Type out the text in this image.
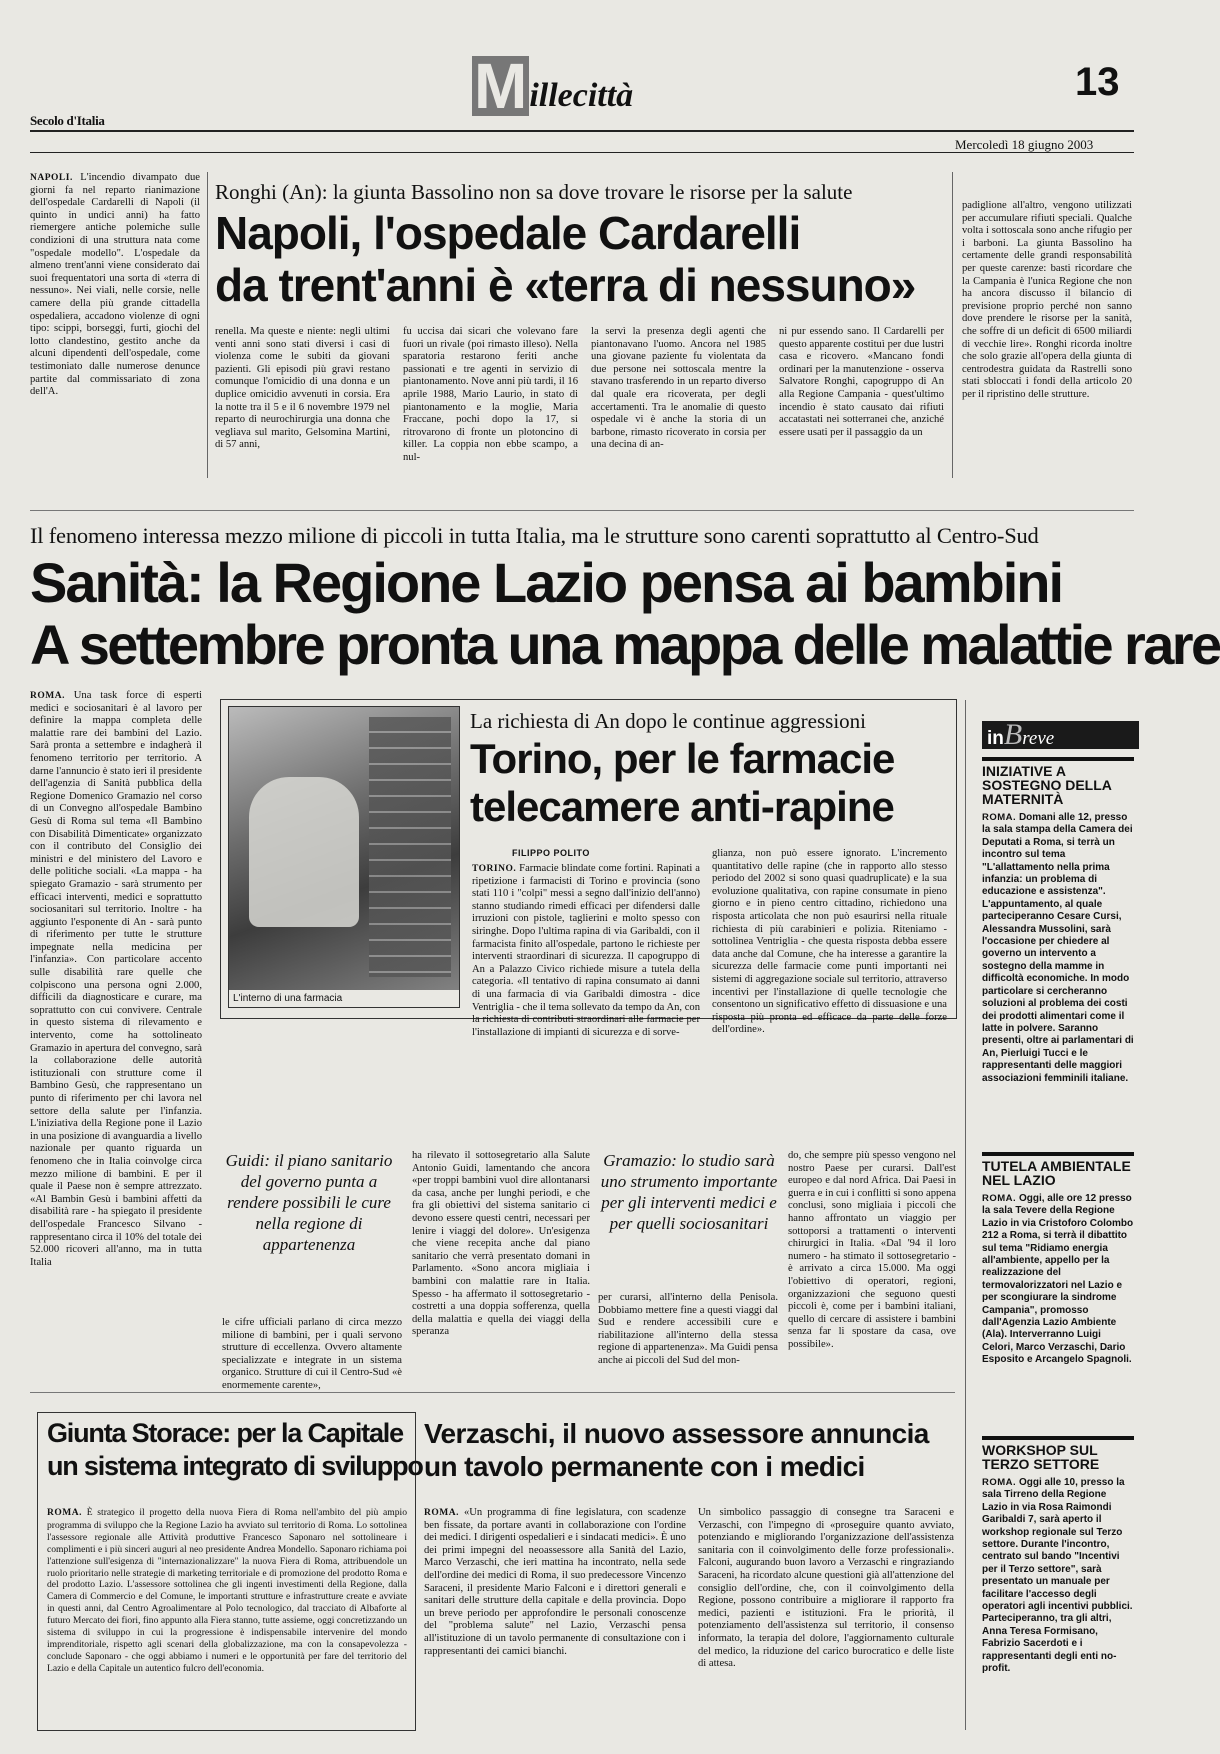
Secolo d'Italia	Millecittà	13
Mercoledì 18 giugno 2003
NAPOLI. L'incendio divampato due giorni fa nel reparto rianimazione dell'ospedale Cardarelli di Napoli (il quinto in undici anni) ha fatto riemergere antiche polemiche sulle condizioni di una struttura nata come "ospedale modello". L'ospedale da almeno trent'anni viene considerato dai suoi frequentatori una sorta di «terra di nessuno». Nei viali, nelle corsie, nelle camere della più grande cittadella ospedaliera, accadono violenze di ogni tipo: scippi, borseggi, furti, giochi del lotto clandestino, gestito anche da alcuni dipendenti dell'ospedale, come testimoniato dalle numerose denunce partite dal commissariato di zona dell'A.
Ronghi (An): la giunta Bassolino non sa dove trovare le risorse per la salute
Napoli, l'ospedale Cardarelli
da trent'anni è «terra di nessuno»
renella. Ma queste e niente: negli ultimi venti anni sono stati diversi i casi di violenza come le subiti da giovani pazienti. Gli episodi più gravi restano comunque l'omicidio di una donna e un duplice omicidio avvenuti in corsia. Era la notte tra il 5 e il 6 novembre 1979 nel reparto di neurochirurgia una donna che vegliava sul marito, Gelsomina Martini, di 57 anni,
fu uccisa dai sicari che volevano fare fuori un rivale (poi rimasto illeso). Nella sparatoria restarono feriti anche passionati e tre agenti in servizio di piantonamento. Nove anni più tardi, il 16 aprile 1988, Mario Laurio, in stato di piantonamento e la moglie, Maria Fraccane, pochi dopo la 17, si ritrovarono di fronte un plotoncino di killer. La coppia non ebbe scampo, a nul-
la servì la presenza degli agenti che piantonavano l'uomo. Ancora nel 1985 una giovane paziente fu violentata da due persone nei sottoscala mentre la stavano trasferendo in un reparto diverso dal quale era ricoverata, per degli accertamenti. Tra le anomalie di questo ospedale vi è anche la storia di un barbone, rimasto ricoverato in corsia per una decina di an-
ni pur essendo sano. Il Cardarelli per questo apparente costituì per due lustri casa e ricovero. «Mancano fondi ordinari per la manutenzione - osserva Salvatore Ronghi, capogruppo di An alla Regione Campania - quest'ultimo incendio è stato causato dai rifiuti accatastati nei sotterranei che, anziché essere usati per il passaggio da un
padiglione all'altro, vengono utilizzati per accumulare rifiuti speciali. Qualche volta i sottoscala sono anche rifugio per i barboni. La giunta Bassolino ha certamente delle grandi responsabilità per queste carenze: basti ricordare che la Campania è l'unica Regione che non ha ancora discusso il bilancio di previsione proprio perché non sanno dove prendere le risorse per la sanità, che soffre di un deficit di 6500 miliardi di vecchie lire». Ronghi ricorda inoltre che solo grazie all'opera della giunta di centrodestra guidata da Rastrelli sono stati sbloccati i fondi della articolo 20 per il ripristino delle strutture.
Il fenomeno interessa mezzo milione di piccoli in tutta Italia, ma le strutture sono carenti soprattutto al Centro-Sud
Sanità: la Regione Lazio pensa ai bambini
A settembre pronta una mappa delle malattie rare
ROMA. Una task force di esperti medici e sociosanitari è al lavoro per definire la mappa completa delle malattie rare dei bambini del Lazio. Sarà pronta a settembre e indagherà il fenomeno territorio per territorio. A darne l'annuncio è stato ieri il presidente dell'agenzia di Sanità pubblica della Regione Domenico Gramazio nel corso di un Convegno all'ospedale Bambino Gesù di Roma sul tema «Il Bambino con Disabilità Dimenticate» organizzato con il contributo del Consiglio dei ministri e del ministero del Lavoro e delle politiche sociali. «La mappa - ha spiegato Gramazio - sarà strumento per efficaci interventi, medici e soprattutto sociosanitari sul territorio. Inoltre - ha aggiunto l'esponente di An - sarà punto di riferimento per tutte le strutture impegnate nella medicina per l'infanzia». Con particolare accento sulle disabilità rare quelle che colpiscono una persona ogni 2.000, difficili da diagnosticare e curare, ma soprattutto con cui convivere. Centrale in questo sistema di rilevamento e intervento, come ha sottolineato Gramazio in apertura del convegno, sarà la collaborazione delle autorità istituzionali con strutture come il Bambino Gesù, che rappresentano un punto di riferimento per chi lavora nel settore della salute per l'infanzia. L'iniziativa della Regione pone il Lazio in una posizione di avanguardia a livello nazionale per quanto riguarda un fenomeno che in Italia coinvolge circa mezzo milione di bambini. E per il quale il Paese non è sempre attrezzato. «Al Bambin Gesù i bambini affetti da disabilità rare - ha spiegato il presidente dell'ospedale Francesco Silvano - rappresentano circa il 10% del totale dei 52.000 ricoveri all'anno, ma in tutta Italia
L'interno di una farmacia
La richiesta di An dopo le continue aggressioni
Torino, per le farmacie
telecamere anti-rapine
FILIPPO POLITO
TORINO. Farmacie blindate come fortini. Rapinati a ripetizione i farmacisti di Torino e provincia (sono stati 110 i "colpi" messi a segno dall'inizio dell'anno) stanno studiando rimedi efficaci per difendersi dalle irruzioni con pistole, taglierini e molto spesso con siringhe. Dopo l'ultima rapina di via Garibaldi, con il farmacista finito all'ospedale, partono le richieste per interventi straordinari di sicurezza. Il capogruppo di An a Palazzo Civico richiede misure a tutela della categoria. «Il tentativo di rapina consumato ai danni di una farmacia di via Garibaldi dimostra - dice Ventriglia - che il tema sollevato da tempo da An, con la richiesta di contributi straordinari alle farmacie per l'installazione di impianti di sicurezza e di sorve-
glianza, non può essere ignorato. L'incremento quantitativo delle rapine (che in rapporto allo stesso periodo del 2002 si sono quasi quadruplicate) e la sua evoluzione qualitativa, con rapine consumate in pieno giorno e in pieno centro cittadino, richiedono una risposta articolata che non può esaurirsi nella rituale richiesta di più carabinieri e polizia. Riteniamo - sottolinea Ventriglia - che questa risposta debba essere data anche dal Comune, che ha interesse a garantire la sicurezza delle farmacie come punti importanti nei sistemi di aggregazione sociale sul territorio, attraverso incentivi per l'installazione di quelle tecnologie che consentono un significativo effetto di dissuasione e una risposta più pronta ed efficace da parte delle forze dell'ordine».
Guidi: il piano sanitario del governo punta a rendere possibili le cure nella regione di appartenenza
le cifre ufficiali parlano di circa mezzo milione di bambini, per i quali servono strutture di eccellenza. Ovvero altamente specializzate e integrate in un sistema organico. Strutture di cui il Centro-Sud «è enormemente carente»,
ha rilevato il sottosegretario alla Salute Antonio Guidi, lamentando che ancora «per troppi bambini vuol dire allontanarsi da casa, anche per lunghi periodi, e che fra gli obiettivi del sistema sanitario ci devono essere questi centri, necessari per lenire i viaggi del dolore». Un'esigenza che viene recepita anche dal piano sanitario che verrà presentato domani in Parlamento. «Sono ancora migliaia i bambini con malattie rare in Italia. Spesso - ha affermato il sottosegretario - costretti a una doppia sofferenza, quella della malattia e quella dei viaggi della speranza
Gramazio: lo studio sarà uno strumento importante per gli interventi medici e per quelli sociosanitari
per curarsi, all'interno della Penisola. Dobbiamo mettere fine a questi viaggi dal Sud e rendere accessibili cure e riabilitazione all'interno della stessa regione di appartenenza». Ma Guidi pensa anche ai piccoli del Sud del mon-
do, che sempre più spesso vengono nel nostro Paese per curarsi. Dall'est europeo e dal nord Africa. Dai Paesi in guerra e in cui i conflitti si sono appena conclusi, sono migliaia i piccoli che hanno affrontato un viaggio per sottoporsi a trattamenti o interventi chirurgici in Italia. «Dal '94 il loro numero - ha stimato il sottosegretario - è arrivato a circa 15.000. Ma oggi l'obiettivo di operatori, regioni, organizzazioni che seguono questi piccoli è, come per i bambini italiani, quello di cercare di assistere i bambini senza far li spostare da casa, ove possibile».
inBreve
INIZIATIVE A SOSTEGNO DELLA MATERNITÀ
ROMA. Domani alle 12, presso la sala stampa della Camera dei Deputati a Roma, si terrà un incontro sul tema "L'allattamento nella prima infanzia: un problema di educazione e assistenza". L'appuntamento, al quale parteciperanno Cesare Cursi, Alessandra Mussolini, sarà l'occasione per chiedere al governo un intervento a sostegno della mamme in difficoltà economiche. In modo particolare si cercheranno soluzioni al problema dei costi dei prodotti alimentari come il latte in polvere. Saranno presenti, oltre ai parlamentari di An, Pierluigi Tucci e le rappresentanti delle maggiori associazioni femminili italiane.
TUTELA AMBIENTALE NEL LAZIO
ROMA. Oggi, alle ore 12 presso la sala Tevere della Regione Lazio in via Cristoforo Colombo 212 a Roma, si terrà il dibattito sul tema "Ridiamo energia all'ambiente, appello per la realizzazione del termovalorizzatori nel Lazio e per scongiurare la sindrome Campania", promosso dall'Agenzia Lazio Ambiente (Ala). Interverranno Luigi Celori, Marco Verzaschi, Dario Esposito e Arcangelo Spagnoli.
WORKSHOP SUL TERZO SETTORE
ROMA. Oggi alle 10, presso la sala Tirreno della Regione Lazio in via Rosa Raimondi Garibaldi 7, sarà aperto il workshop regionale sul Terzo settore. Durante l'incontro, centrato sul bando "Incentivi per il Terzo settore", sarà presentato un manuale per facilitare l'accesso degli operatori agli incentivi pubblici. Parteciperanno, tra gli altri, Anna Teresa Formisano, Fabrizio Sacerdoti e i rappresentanti degli enti no-profit.
Giunta Storace: per la Capitale
un sistema integrato di sviluppo
ROMA. È strategico il progetto della nuova Fiera di Roma nell'ambito del più ampio programma di sviluppo che la Regione Lazio ha avviato sul territorio di Roma. Lo sottolinea l'assessore regionale alle Attività produttive Francesco Saponaro nel sottolineare i complimenti e i più sinceri auguri al neo presidente Andrea Mondello. Saponaro richiama poi l'attenzione sull'esigenza di "internazionalizzare" la nuova Fiera di Roma, attribuendole un ruolo prioritario nelle strategie di marketing territoriale e di promozione del prodotto Roma e del prodotto Lazio. L'assessore sottolinea che gli ingenti investimenti della Regione, dalla Camera di Commercio e del Comune, le importanti strutture e infrastrutture create e avviate in questi anni, dal Centro Agroalimentare al Polo tecnologico, dal tracciato di Albaforte al futuro Mercato dei fiori, fino appunto alla Fiera stanno, tutte assieme, oggi concretizzando un sistema di sviluppo in cui la progressione è indispensabile intervenire del mondo imprenditoriale, rispetto agli scenari della globalizzazione, ma con la consapevolezza - conclude Saponaro - che oggi abbiamo i numeri e le opportunità per fare del territorio del Lazio e della Capitale un autentico fulcro dell'economia.
Verzaschi, il nuovo assessore annuncia
un tavolo permanente con i medici
ROMA. «Un programma di fine legislatura, con scadenze ben fissate, da portare avanti in collaborazione con l'ordine dei medici. I dirigenti ospedalieri e i sindacati medici». È uno dei primi impegni del neoassessore alla Sanità del Lazio, Marco Verzaschi, che ieri mattina ha incontrato, nella sede dell'ordine dei medici di Roma, il suo predecessore Vincenzo Saraceni, il presidente Mario Falconi e i direttori generali e sanitari delle strutture della capitale e della provincia. Dopo un breve periodo per approfondire le personali conoscenze del "problema salute" nel Lazio, Verzaschi pensa all'istituzione di un tavolo permanente di consultazione con i rappresentanti dei camici bianchi.
Un simbolico passaggio di consegne tra Saraceni e Verzaschi, con l'impegno di «proseguire quanto avviato, potenziando e migliorando l'organizzazione dell'assistenza sanitaria con il coinvolgimento delle forze professionali». Falconi, augurando buon lavoro a Verzaschi e ringraziando Saraceni, ha ricordato alcune questioni già all'attenzione del consiglio dell'ordine, che, con il coinvolgimento della Regione, possono contribuire a migliorare il rapporto fra medici, pazienti e istituzioni. Fra le priorità, il potenziamento dell'assistenza sul territorio, il consenso informato, la terapia del dolore, l'aggiornamento culturale del medico, la riduzione del carico burocratico e delle liste di attesa.
